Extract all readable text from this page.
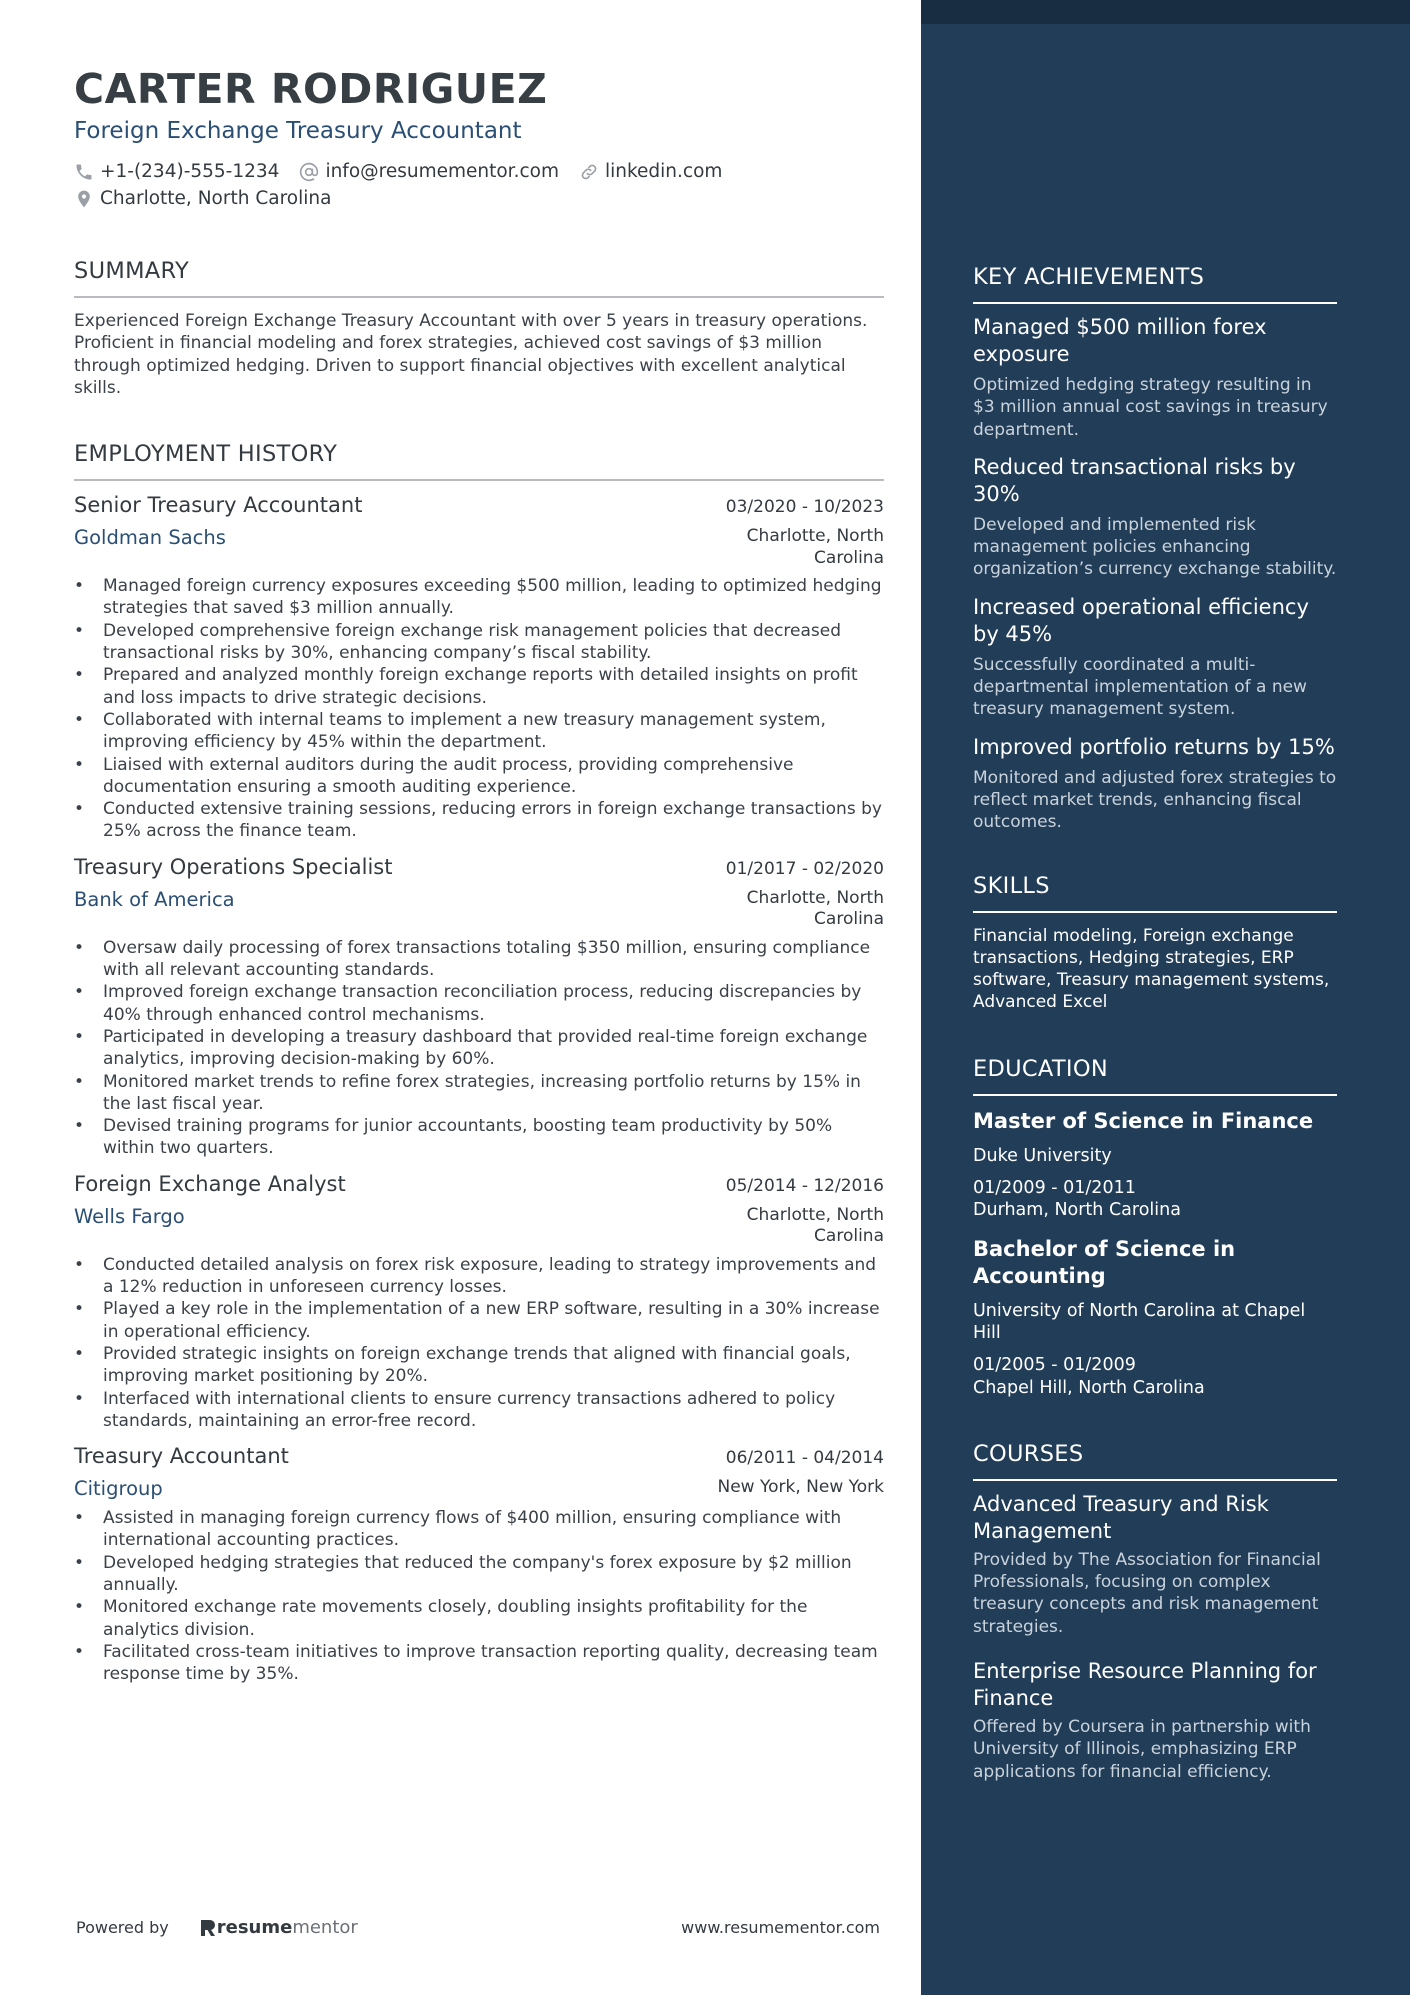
CARTER RODRIGUEZ
Foreign Exchange Treasury Accountant
+1-(234)-555-1234 info@resumementor.com linkedin.com
Charlotte, North Carolina
SUMMARY
Experienced Foreign Exchange Treasury Accountant with over 5 years in treasury operations. Proficient in financial modeling and forex strategies, achieved cost savings of $3 million through optimized hedging. Driven to support financial objectives with excellent analytical skills.
EMPLOYMENT HISTORY
Senior Treasury Accountant	03/2020 - 10/2023
Goldman Sachs	Charlotte, North Carolina
• Managed foreign currency exposures exceeding $500 million, leading to optimized hedging strategies that saved $3 million annually.
• Developed comprehensive foreign exchange risk management policies that decreased transactional risks by 30%, enhancing company’s fiscal stability.
• Prepared and analyzed monthly foreign exchange reports with detailed insights on profit and loss impacts to drive strategic decisions.
• Collaborated with internal teams to implement a new treasury management system, improving efficiency by 45% within the department.
• Liaised with external auditors during the audit process, providing comprehensive documentation ensuring a smooth auditing experience.
• Conducted extensive training sessions, reducing errors in foreign exchange transactions by 25% across the finance team.
Treasury Operations Specialist	01/2017 - 02/2020
Bank of America	Charlotte, North Carolina
• Oversaw daily processing of forex transactions totaling $350 million, ensuring compliance with all relevant accounting standards.
• Improved foreign exchange transaction reconciliation process, reducing discrepancies by 40% through enhanced control mechanisms.
• Participated in developing a treasury dashboard that provided real-time foreign exchange analytics, improving decision-making by 60%.
• Monitored market trends to refine forex strategies, increasing portfolio returns by 15% in the last fiscal year.
• Devised training programs for junior accountants, boosting team productivity by 50% within two quarters.
Foreign Exchange Analyst	05/2014 - 12/2016
Wells Fargo	Charlotte, North Carolina
• Conducted detailed analysis on forex risk exposure, leading to strategy improvements and a 12% reduction in unforeseen currency losses.
• Played a key role in the implementation of a new ERP software, resulting in a 30% increase in operational efficiency.
• Provided strategic insights on foreign exchange trends that aligned with financial goals, improving market positioning by 20%.
• Interfaced with international clients to ensure currency transactions adhered to policy standards, maintaining an error-free record.
Treasury Accountant	06/2011 - 04/2014
Citigroup	New York, New York
• Assisted in managing foreign currency flows of $400 million, ensuring compliance with international accounting practices.
• Developed hedging strategies that reduced the company's forex exposure by $2 million annually.
• Monitored exchange rate movements closely, doubling insights profitability for the analytics division.
• Facilitated cross-team initiatives to improve transaction reporting quality, decreasing team response time by 35%.
KEY ACHIEVEMENTS
Managed $500 million forex exposure
Optimized hedging strategy resulting in $3 million annual cost savings in treasury department.
Reduced transactional risks by 30%
Developed and implemented risk management policies enhancing organization’s currency exchange stability.
Increased operational efficiency by 45%
Successfully coordinated a multi-departmental implementation of a new treasury management system.
Improved portfolio returns by 15%
Monitored and adjusted forex strategies to reflect market trends, enhancing fiscal outcomes.
SKILLS
Financial modeling, Foreign exchange transactions, Hedging strategies, ERP software, Treasury management systems, Advanced Excel
EDUCATION
Master of Science in Finance
Duke University
01/2009 - 01/2011
Durham, North Carolina
Bachelor of Science in Accounting
University of North Carolina at Chapel Hill
01/2005 - 01/2009
Chapel Hill, North Carolina
COURSES
Advanced Treasury and Risk Management
Provided by The Association for Financial Professionals, focusing on complex treasury concepts and risk management strategies.
Enterprise Resource Planning for Finance
Offered by Coursera in partnership with University of Illinois, emphasizing ERP applications for financial efficiency.
Powered by	resume mentor	www.resumementor.com
